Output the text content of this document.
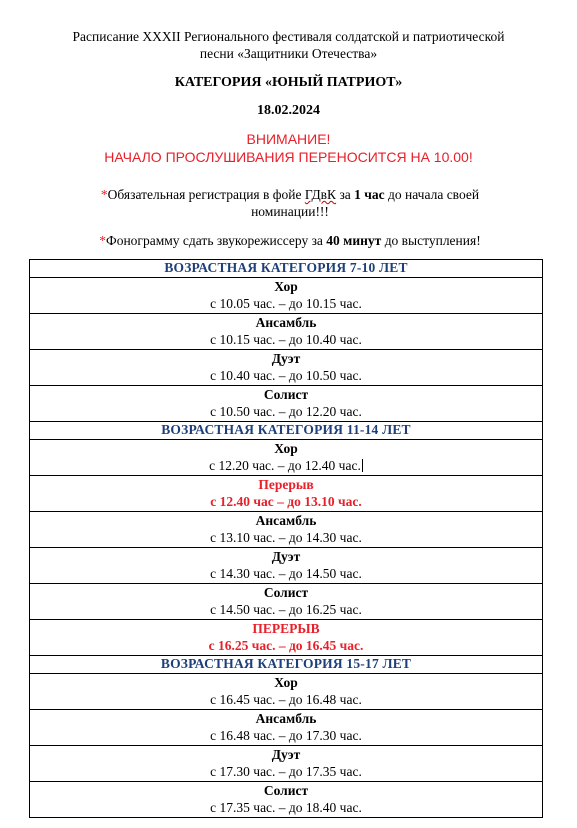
Расписание XXXII Регионального фестиваля солдатской и патриотической
песни «Защитники Отечества»
КАТЕГОРИЯ «ЮНЫЙ ПАТРИОТ»
18.02.2024
ВНИМАНИЕ!
НАЧАЛО ПРОСЛУШИВАНИЯ ПЕРЕНОСИТСЯ НА 10.00!
*Обязательная регистрация в фойе ГДвК за 1 час до начала своей
номинации!!!
*Фонограмму сдать звукорежиссеру за 40 минут до выступления!
ВОЗРАСТНАЯ КАТЕГОРИЯ 7-10 ЛЕТ

Хор
с 10.05 час. – до 10.15 час.

Ансамбль
с 10.15 час. – до 10.40 час.

Дуэт
с 10.40 час. – до 10.50 час.

Солист
с 10.50 час. – до 12.20 час.

ВОЗРАСТНАЯ КАТЕГОРИЯ 11-14 ЛЕТ

Хор
с 12.20 час. – до 12.40 час.

Перерыв
с 12.40 час – до 13.10 час.

Ансамбль
с 13.10 час. – до 14.30 час.

Дуэт
с 14.30 час. – до 14.50 час.

Солист
с 14.50 час. – до 16.25 час.

ПЕРЕРЫВ
с 16.25 час. – до 16.45 час.

ВОЗРАСТНАЯ КАТЕГОРИЯ 15-17 ЛЕТ

Хор
с 16.45 час. – до 16.48 час.

Ансамбль
с 16.48 час. – до 17.30 час.

Дуэт
с 17.30 час. – до 17.35 час.

Солист
с 17.35 час. – до 18.40 час.
